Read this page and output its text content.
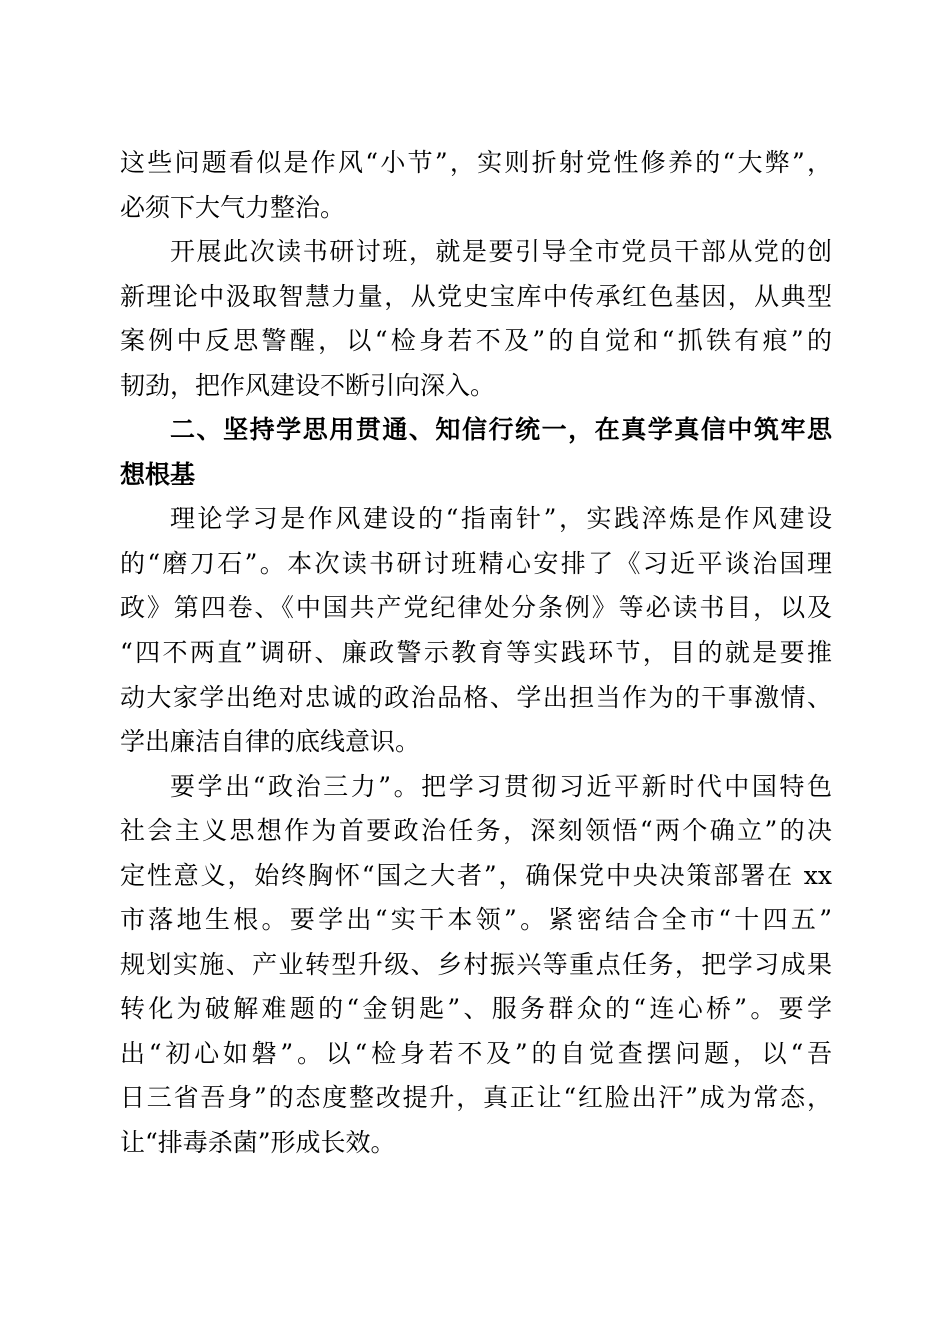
这些问题看似是作风“小节”，实则折射党性修养的“大弊”，
必须下大气力整治。
开展此次读书研讨班，就是要引导全市党员干部从党的创
新理论中汲取智慧力量，从党史宝库中传承红色基因，从典型
案例中反思警醒，以“检身若不及”的自觉和“抓铁有痕”的
韧劲，把作风建设不断引向深入。
二、坚持学思用贯通、知信行统一，在真学真信中筑牢思
想根基
理论学习是作风建设的“指南针”，实践淬炼是作风建设
的“磨刀石”。本次读书研讨班精心安排了《习近平谈治国理
政》第四卷、《中国共产党纪律处分条例》等必读书目，以及
“四不两直”调研、廉政警示教育等实践环节，目的就是要推
动大家学出绝对忠诚的政治品格、学出担当作为的干事激情、
学出廉洁自律的底线意识。
要学出“政治三力”。把学习贯彻习近平新时代中国特色
社会主义思想作为首要政治任务，深刻领悟“两个确立”的决
定性意义，始终胸怀“国之大者”，确保党中央决策部署在 xx
市落地生根。要学出“实干本领”。紧密结合全市“十四五”
规划实施、产业转型升级、乡村振兴等重点任务，把学习成果
转化为破解难题的“金钥匙”、服务群众的“连心桥”。要学
出“初心如磐”。以“检身若不及”的自觉查摆问题，以“吾
日三省吾身”的态度整改提升，真正让“红脸出汗”成为常态，
让“排毒杀菌”形成长效。
